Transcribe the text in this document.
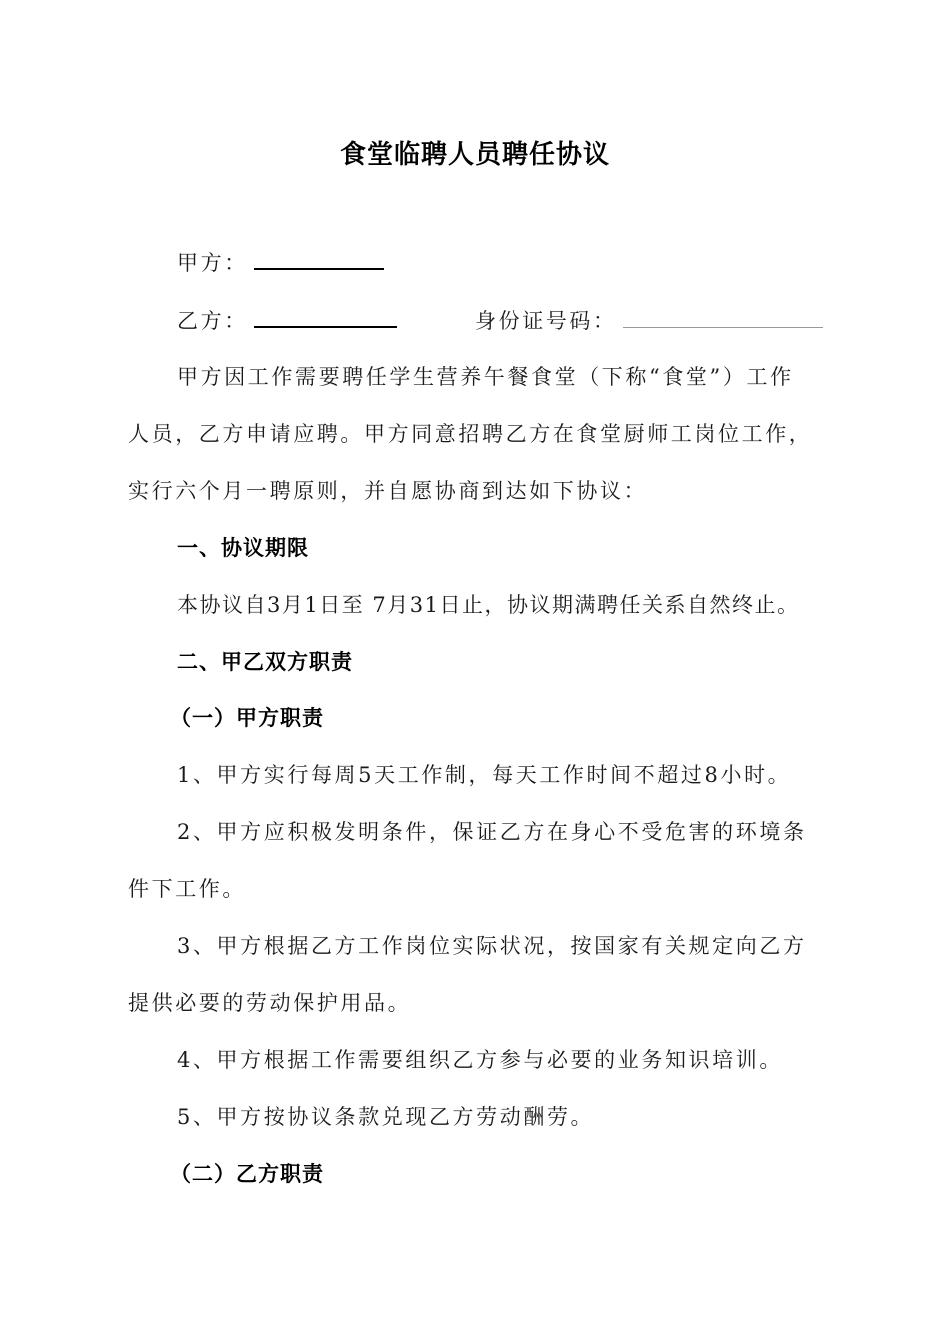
食堂临聘人员聘任协议
甲方：
乙方：	身份证号码：
甲方因工作需要聘任学生营养午餐食堂（下称“食堂”）工作
人员，乙方申请应聘。甲方同意招聘乙方在食堂厨师工岗位工作，
实行六个月一聘原则，并自愿协商到达如下协议：
一、协议期限
本协议自3月1日至 7月31日止，协议期满聘任关系自然终止。
二、甲乙双方职责
（一）甲方职责
1、甲方实行每周5天工作制，每天工作时间不超过8小时。
2、甲方应积极发明条件，保证乙方在身心不受危害的环境条
件下工作。
3、甲方根据乙方工作岗位实际状况，按国家有关规定向乙方
提供必要的劳动保护用品。
4、甲方根据工作需要组织乙方参与必要的业务知识培训。
5、甲方按协议条款兑现乙方劳动酬劳。
（二）乙方职责
